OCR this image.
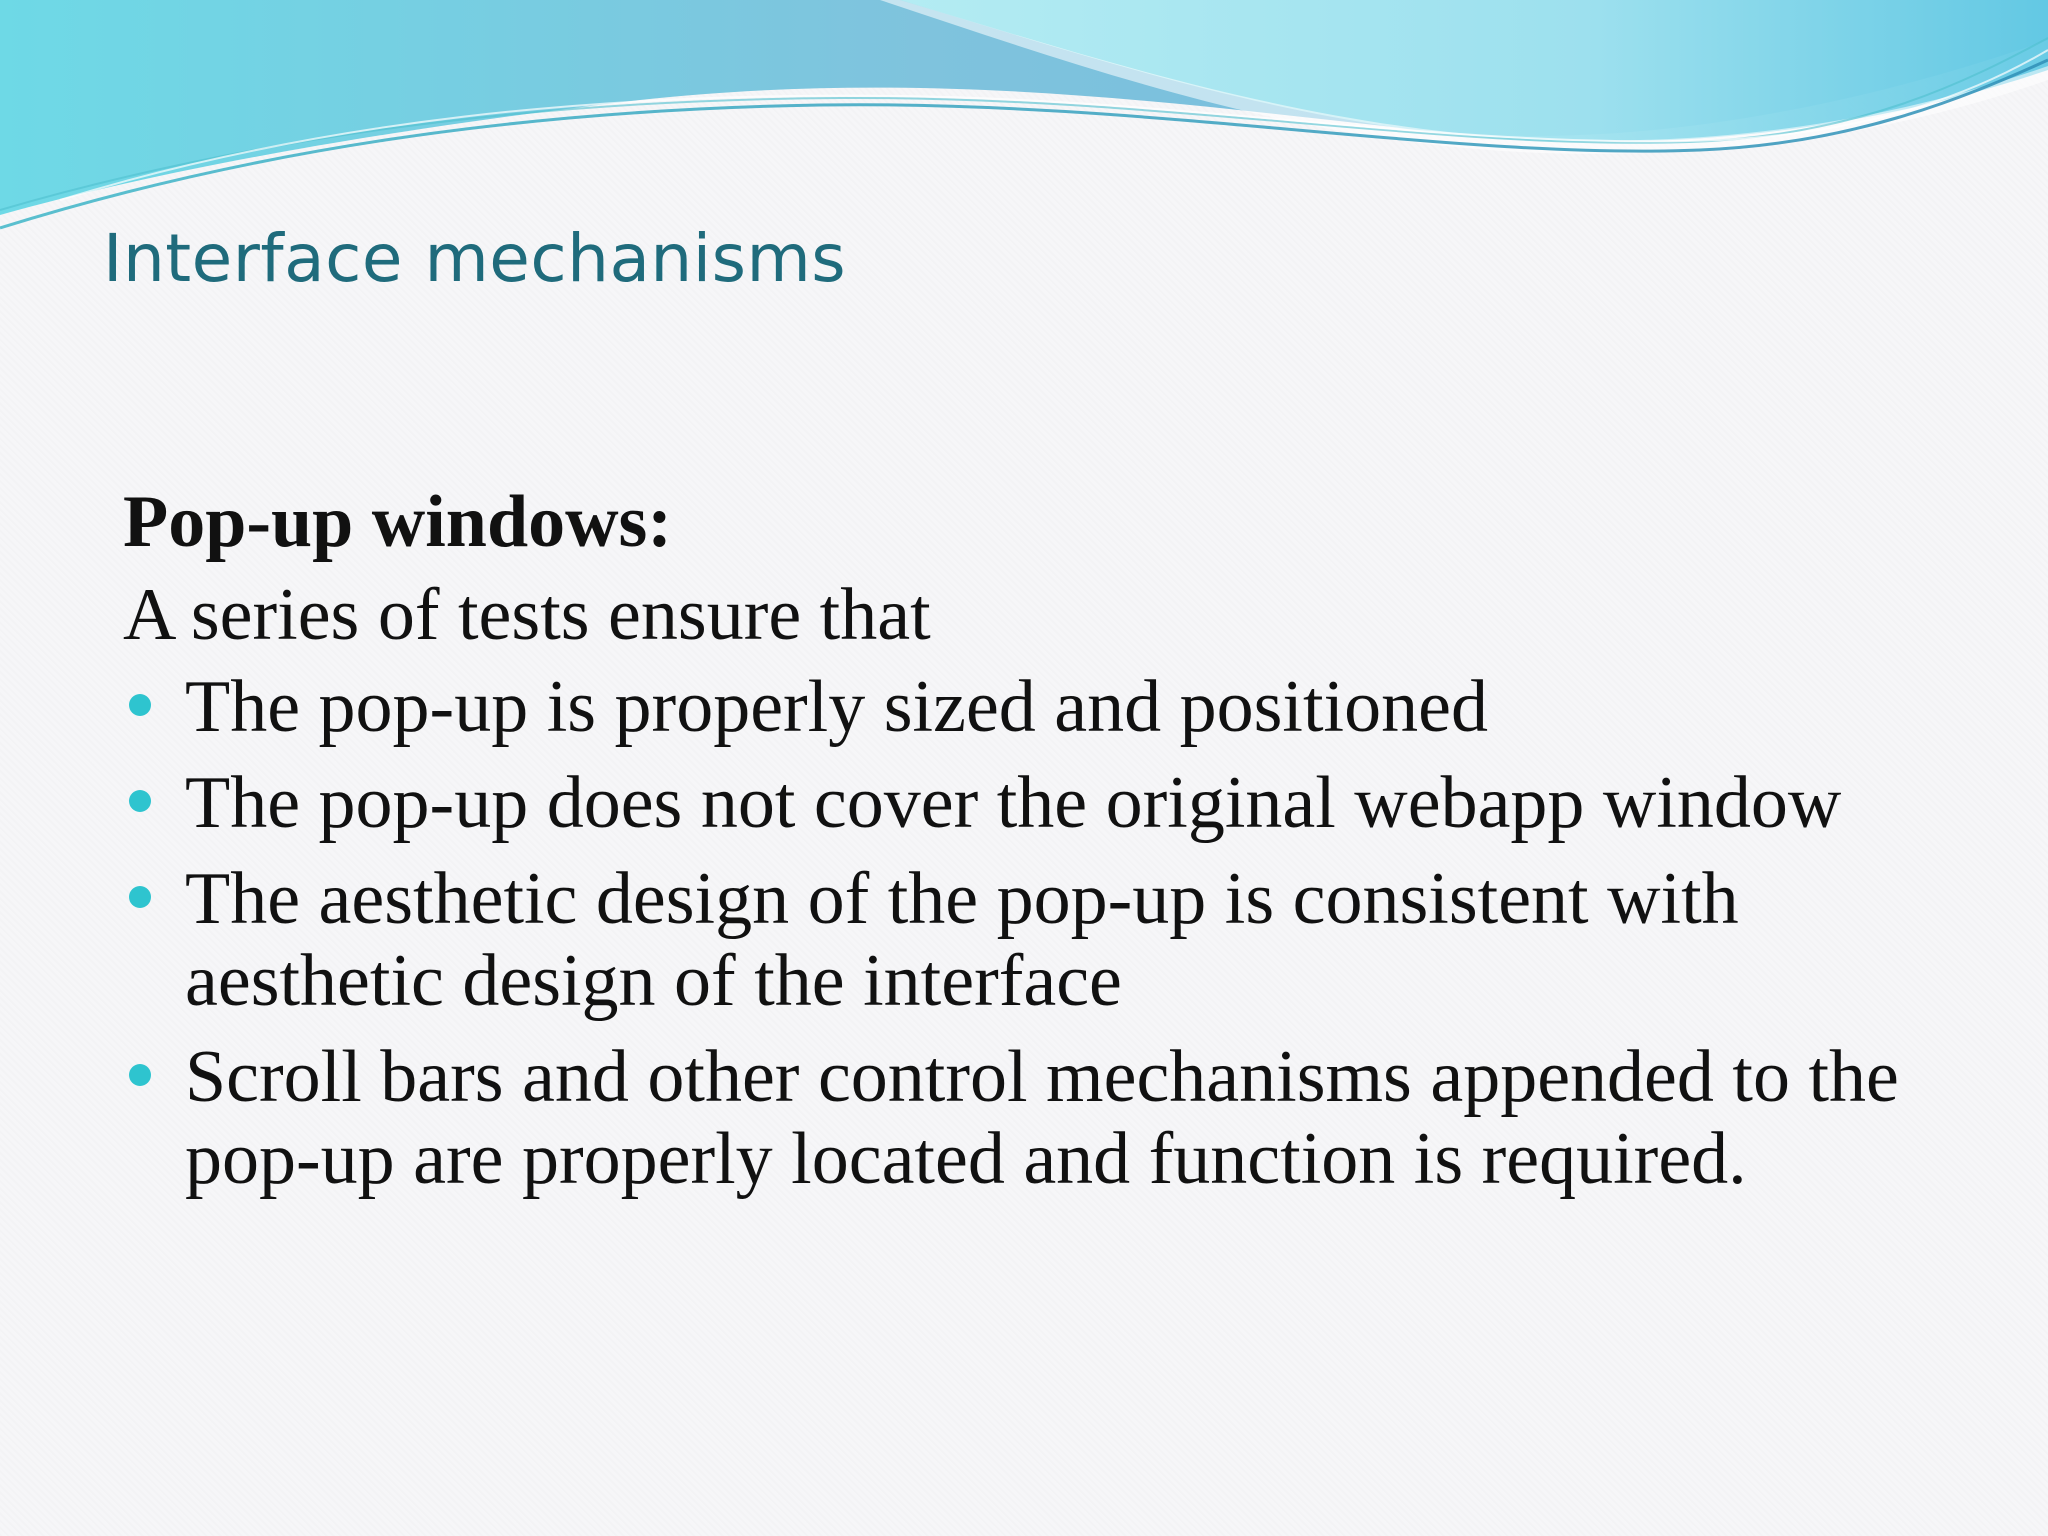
Interface mechanisms

Pop-up windows:

A series of tests ensure that

The pop-up is properly sized and positioned
The pop-up does not cover the original webapp window
The aesthetic design of the pop-up is consistent with aesthetic design of the interface
Scroll bars and other control mechanisms appended to the pop-up are properly located and function is required.
